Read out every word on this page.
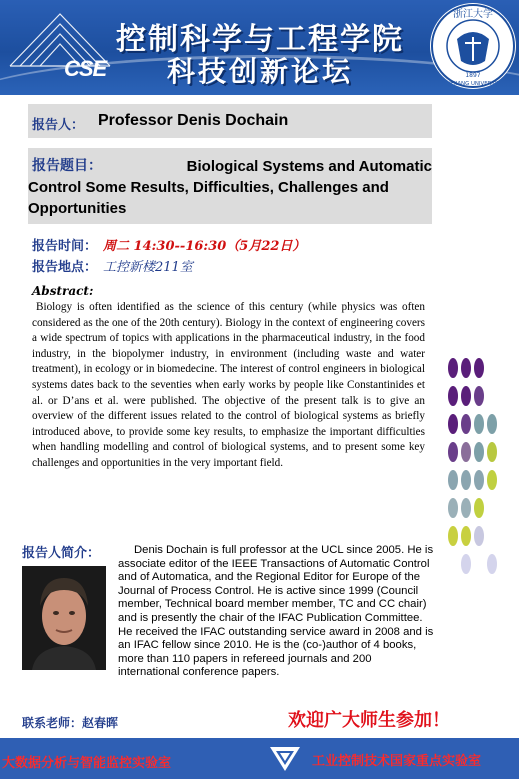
CSE
控制科学与工程学院
科技创新论坛
浙江大学
1897
ZHEJIANG UNIVERSITY
报告人： Professor Denis Dochain
报告题目：	Biological Systems and Automatic
Control Some Results, Difficulties, Challenges and
Opportunities
报告时间： 周二 14:30--16:30（5月22日）
报告地点： 工控新楼211室
Abstract:
Biology is often identified as the science of this century (while physics was often considered as the one of the 20th century). Biology in the context of engineering covers a wide spectrum of topics with applications in the pharmaceutical industry, in the food industry, in the biopolymer industry, in environment (including waste and water treatment), in ecology or in biomedecine. The interest of control engineers in biological systems dates back to the seventies when early works by people like Constantinides et al. or D’ans et al. were published. The objective of the present talk is to give an overview of the different issues related to the control of biological systems as briefly introduced above, to provide some key results, to emphasize the important difficulties when handling modelling and control of biological systems, and to present some key challenges and opportunities in the very important field.
报告人简介：	Denis Dochain is full professor at the UCL since 2005. He is associate editor of the IEEE Transactions of Automatic Control and of Automatica, and the Regional Editor for Europe of the Journal of Process Control. He is active since 1999 (Council member, Technical board member member, TC and CC chair) and is presently the chair of the IFAC Publication Committee. He received the IFAC outstanding service award in 2008 and is an IFAC fellow since 2010. He is the (co-)author of 4 books, more than 110 papers in refereed journals and 200 international conference papers.
联系老师：赵春晖	欢迎广大师生参加！
大数据分析与智能监控实验室	工业控制技术国家重点实验室
